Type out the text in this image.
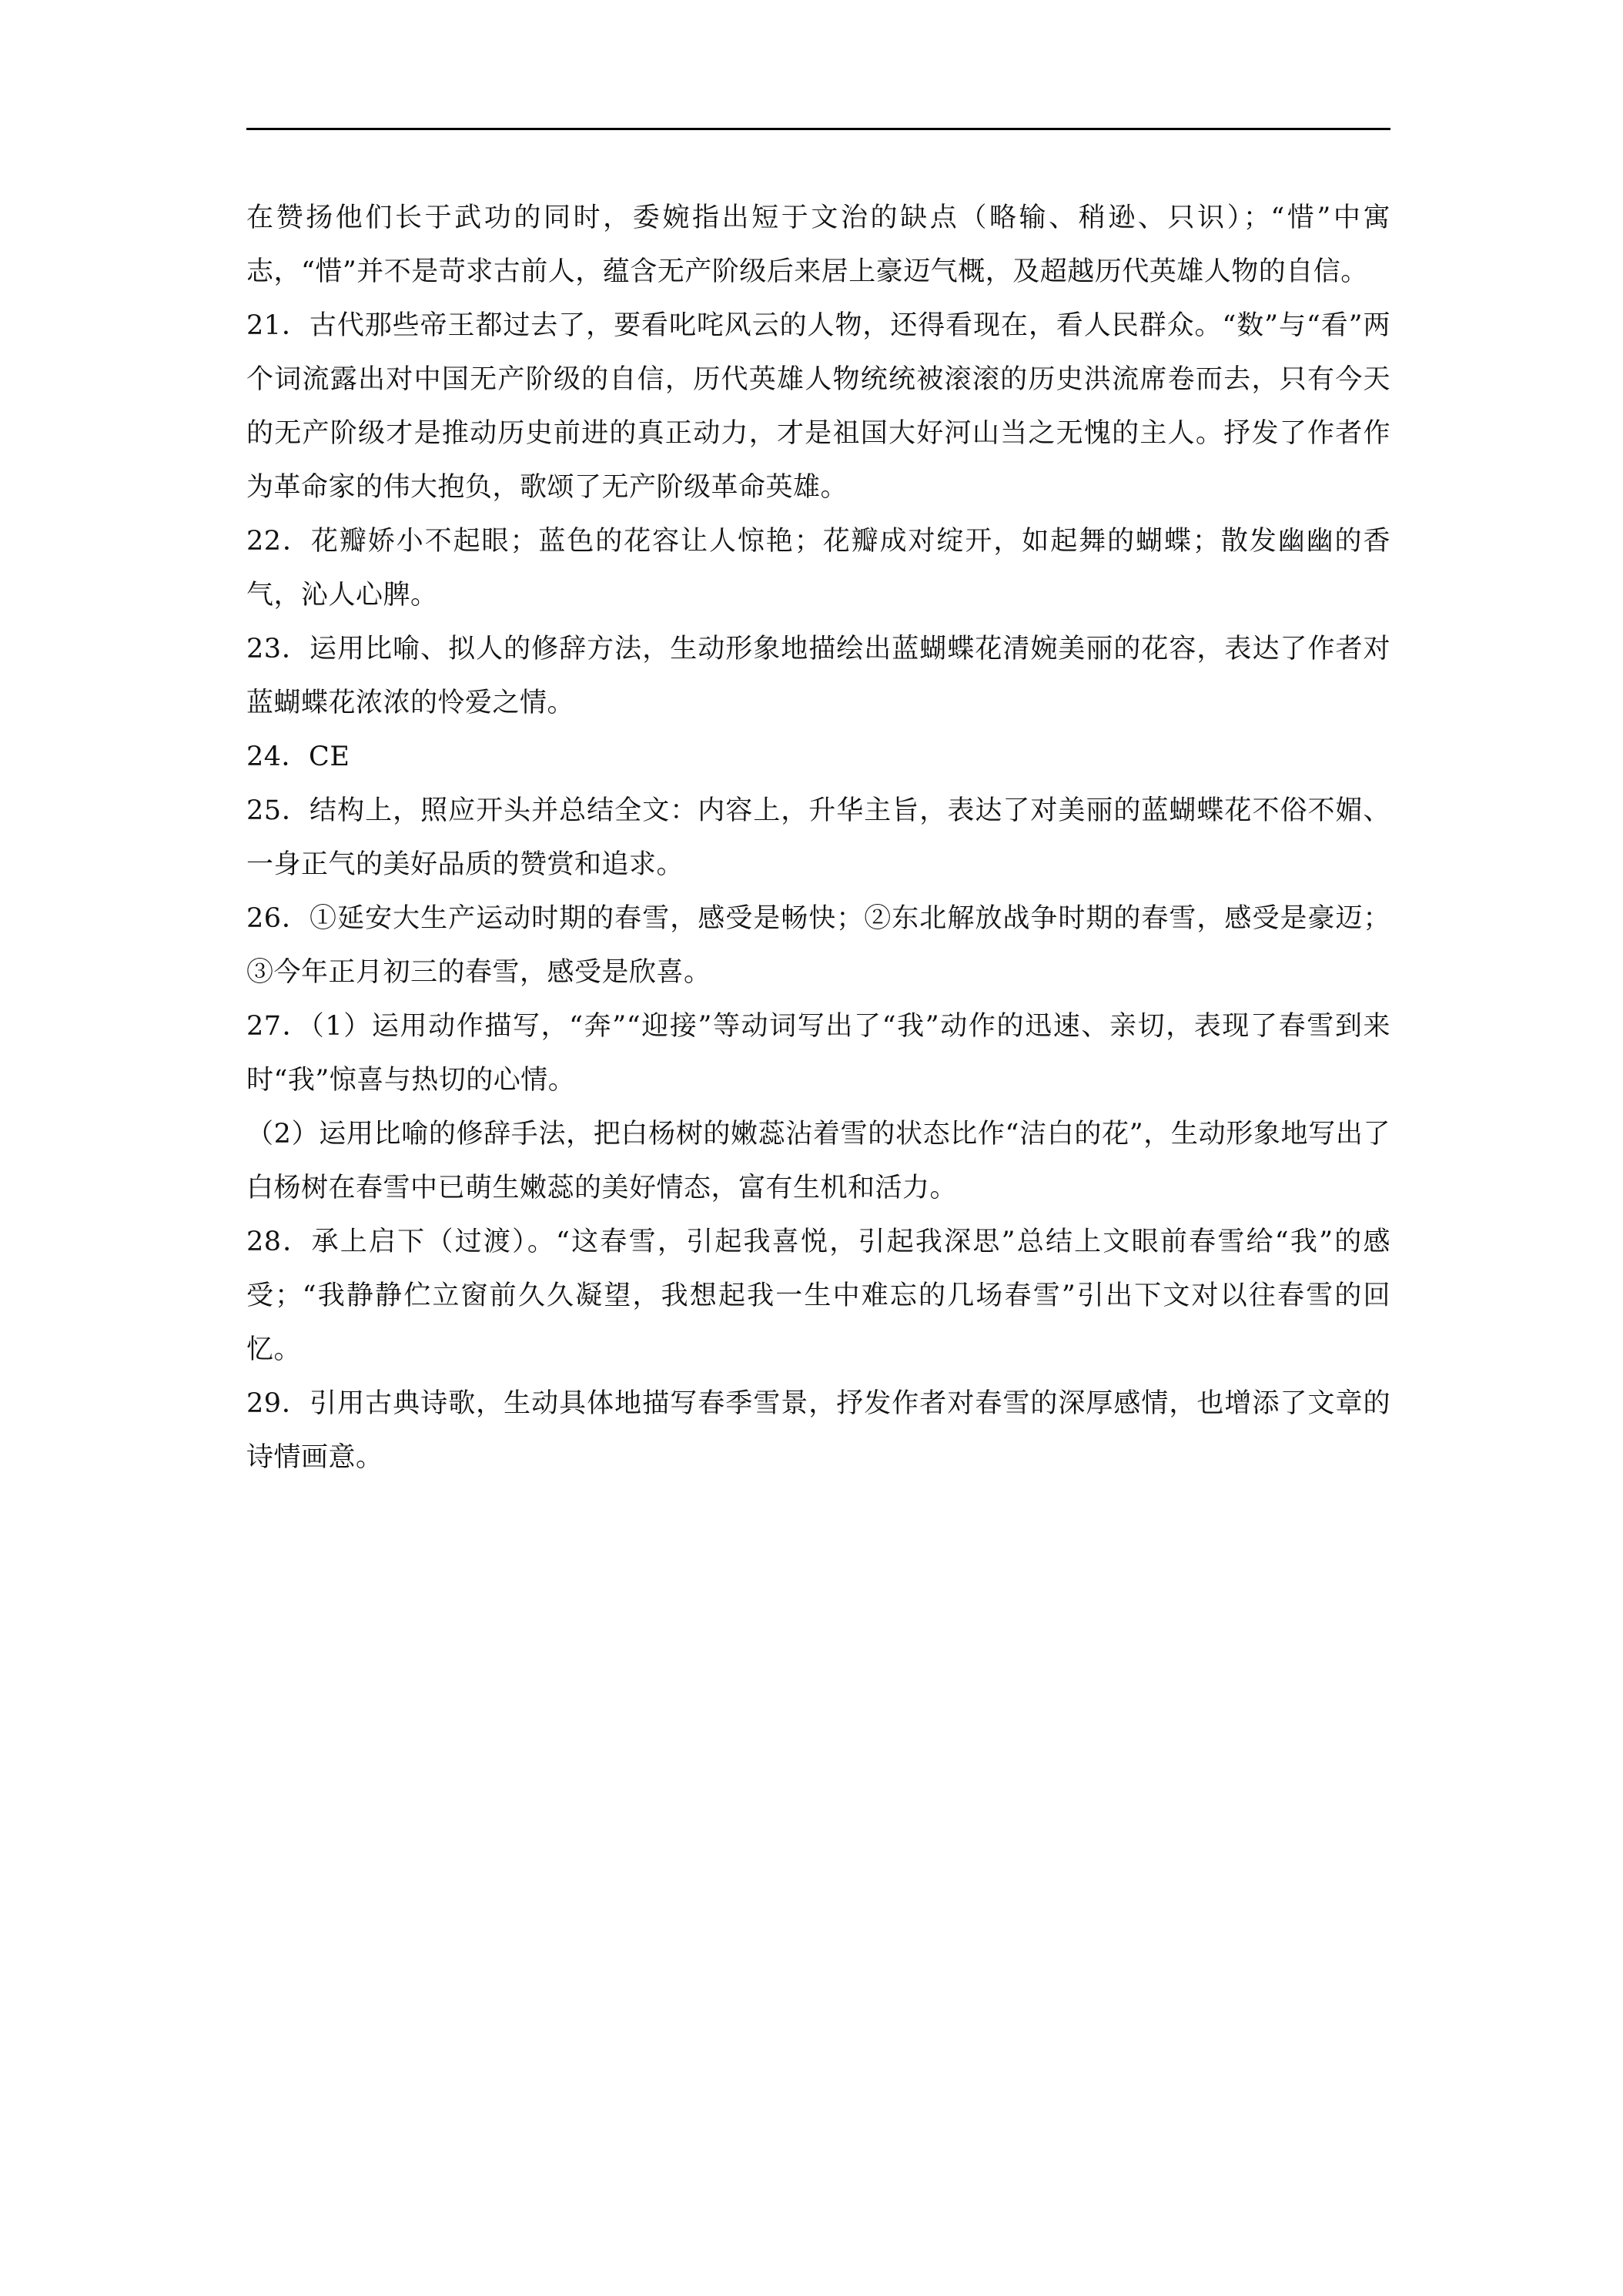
在赞扬他们长于武功的同时，委婉指出短于文治的缺点（略输、稍逊、只识）；“惜”中寓志，“惜”并不是苛求古前人，蕴含无产阶级后来居上豪迈气概，及超越历代英雄人物的自信。

21．古代那些帝王都过去了，要看叱咤风云的人物，还得看现在，看人民群众。“数”与“看”两个词流露出对中国无产阶级的自信，历代英雄人物统统被滚滚的历史洪流席卷而去，只有今天的无产阶级才是推动历史前进的真正动力，才是祖国大好河山当之无愧的主人。抒发了作者作为革命家的伟大抱负，歌颂了无产阶级革命英雄。

22．花瓣娇小不起眼；蓝色的花容让人惊艳；花瓣成对绽开，如起舞的蝴蝶；散发幽幽的香气，沁人心脾。

23．运用比喻、拟人的修辞方法，生动形象地描绘出蓝蝴蝶花清婉美丽的花容，表达了作者对蓝蝴蝶花浓浓的怜爱之情。

24．CE

25．结构上，照应开头并总结全文：内容上，升华主旨，表达了对美丽的蓝蝴蝶花不俗不媚、一身正气的美好品质的赞赏和追求。

26．①延安大生产运动时期的春雪，感受是畅快；②东北解放战争时期的春雪，感受是豪迈；③今年正月初三的春雪，感受是欣喜。

27．（1）运用动作描写，“奔”“迎接”等动词写出了“我”动作的迅速、亲切，表现了春雪到来时“我”惊喜与热切的心情。

（2）运用比喻的修辞手法，把白杨树的嫩蕊沾着雪的状态比作“洁白的花”，生动形象地写出了白杨树在春雪中已萌生嫩蕊的美好情态，富有生机和活力。

28．承上启下（过渡）。“这春雪，引起我喜悦，引起我深思”总结上文眼前春雪给“我”的感受；“我静静伫立窗前久久凝望，我想起我一生中难忘的几场春雪”引出下文对以往春雪的回忆。

29．引用古典诗歌，生动具体地描写春季雪景，抒发作者对春雪的深厚感情，也增添了文章的诗情画意。
